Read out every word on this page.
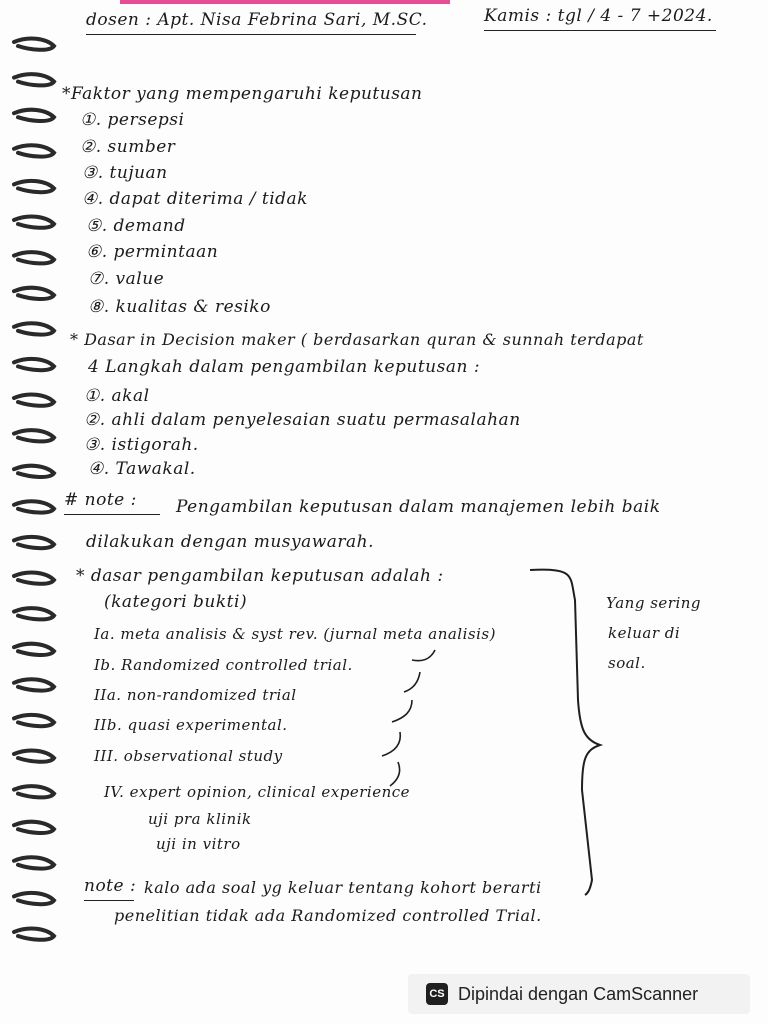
dosen : Apt. Nisa Febrina Sari, M.SC.	Kamis : tgl / 4 - 7 +2024.
*Faktor yang mempengaruhi keputusan
①. persepsi
②. sumber
③. tujuan
④. dapat diterima / tidak
⑤. demand
⑥. permintaan
⑦. value
⑧. kualitas & resiko
* Dasar in Decision maker ( berdasarkan quran & sunnah terdapat
4 Langkah dalam pengambilan keputusan :
①. akal
②. ahli dalam penyelesaian suatu permasalahan
③. istigorah.
④. Tawakal.
# note :	Pengambilan keputusan dalam manajemen lebih baik
dilakukan dengan musyawarah.
* dasar pengambilan keputusan adalah :
(kategori bukti)
Ia. meta analisis & syst rev. (jurnal meta analisis)
Ib. Randomized controlled trial.
IIa. non-randomized trial
IIb. quasi experimental.
III. observational study
IV. expert opinion, clinical experience
uji pra klinik
uji in vitro
Yang sering
keluar di
soal.
note : kalo ada soal yg keluar tentang kohort berarti
penelitian tidak ada Randomized controlled Trial.
CS Dipindai dengan CamScanner
